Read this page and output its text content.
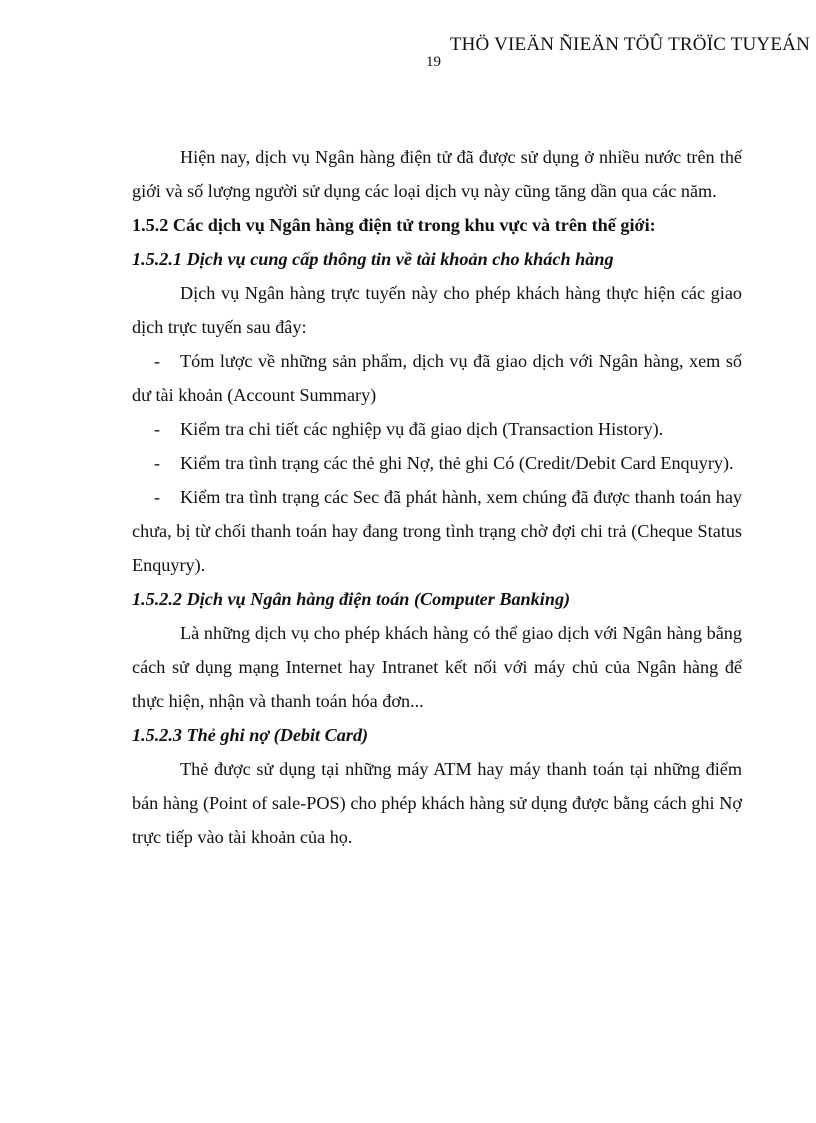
THÖ VIEÄN ÑIEÄN TÖÛ TRÖÏC TUYEÁN
19

Hiện nay, dịch vụ Ngân hàng điện tử đã được sử dụng ở nhiều nước trên thế giới và số lượng người sử dụng các loại dịch vụ này cũng tăng dần qua các năm.

1.5.2 Các dịch vụ Ngân hàng điện tử trong khu vực và trên thế giới:

1.5.2.1 Dịch vụ cung cấp thông tin về tài khoản cho khách hàng

Dịch vụ Ngân hàng trực tuyến này cho phép khách hàng thực hiện các giao dịch trực tuyến sau đây:

- Tóm lược về những sản phẩm, dịch vụ đã giao dịch với Ngân hàng, xem số dư tài khoản (Account Summary)

- Kiểm tra chi tiết các nghiệp vụ đã giao dịch (Transaction History).

- Kiểm tra tình trạng các thẻ ghi Nợ, thẻ ghi Có (Credit/Debit Card Enquyry).

- Kiểm tra tình trạng các Sec đã phát hành, xem chúng đã được thanh toán hay chưa, bị từ chối thanh toán hay đang trong tình trạng chờ đợi chi trả (Cheque Status Enquyry).

1.5.2.2 Dịch vụ Ngân hàng điện toán (Computer Banking)

Là những dịch vụ cho phép khách hàng có thể giao dịch với Ngân hàng bằng cách sử dụng mạng Internet hay Intranet kết nối với máy chủ của Ngân hàng để thực hiện, nhận và thanh toán hóa đơn...

1.5.2.3 Thẻ ghi nợ (Debit Card)

Thẻ được sử dụng tại những máy ATM hay máy thanh toán tại những điểm bán hàng (Point of sale-POS) cho phép khách hàng sử dụng được bằng cách ghi Nợ trực tiếp vào tài khoản của họ.
